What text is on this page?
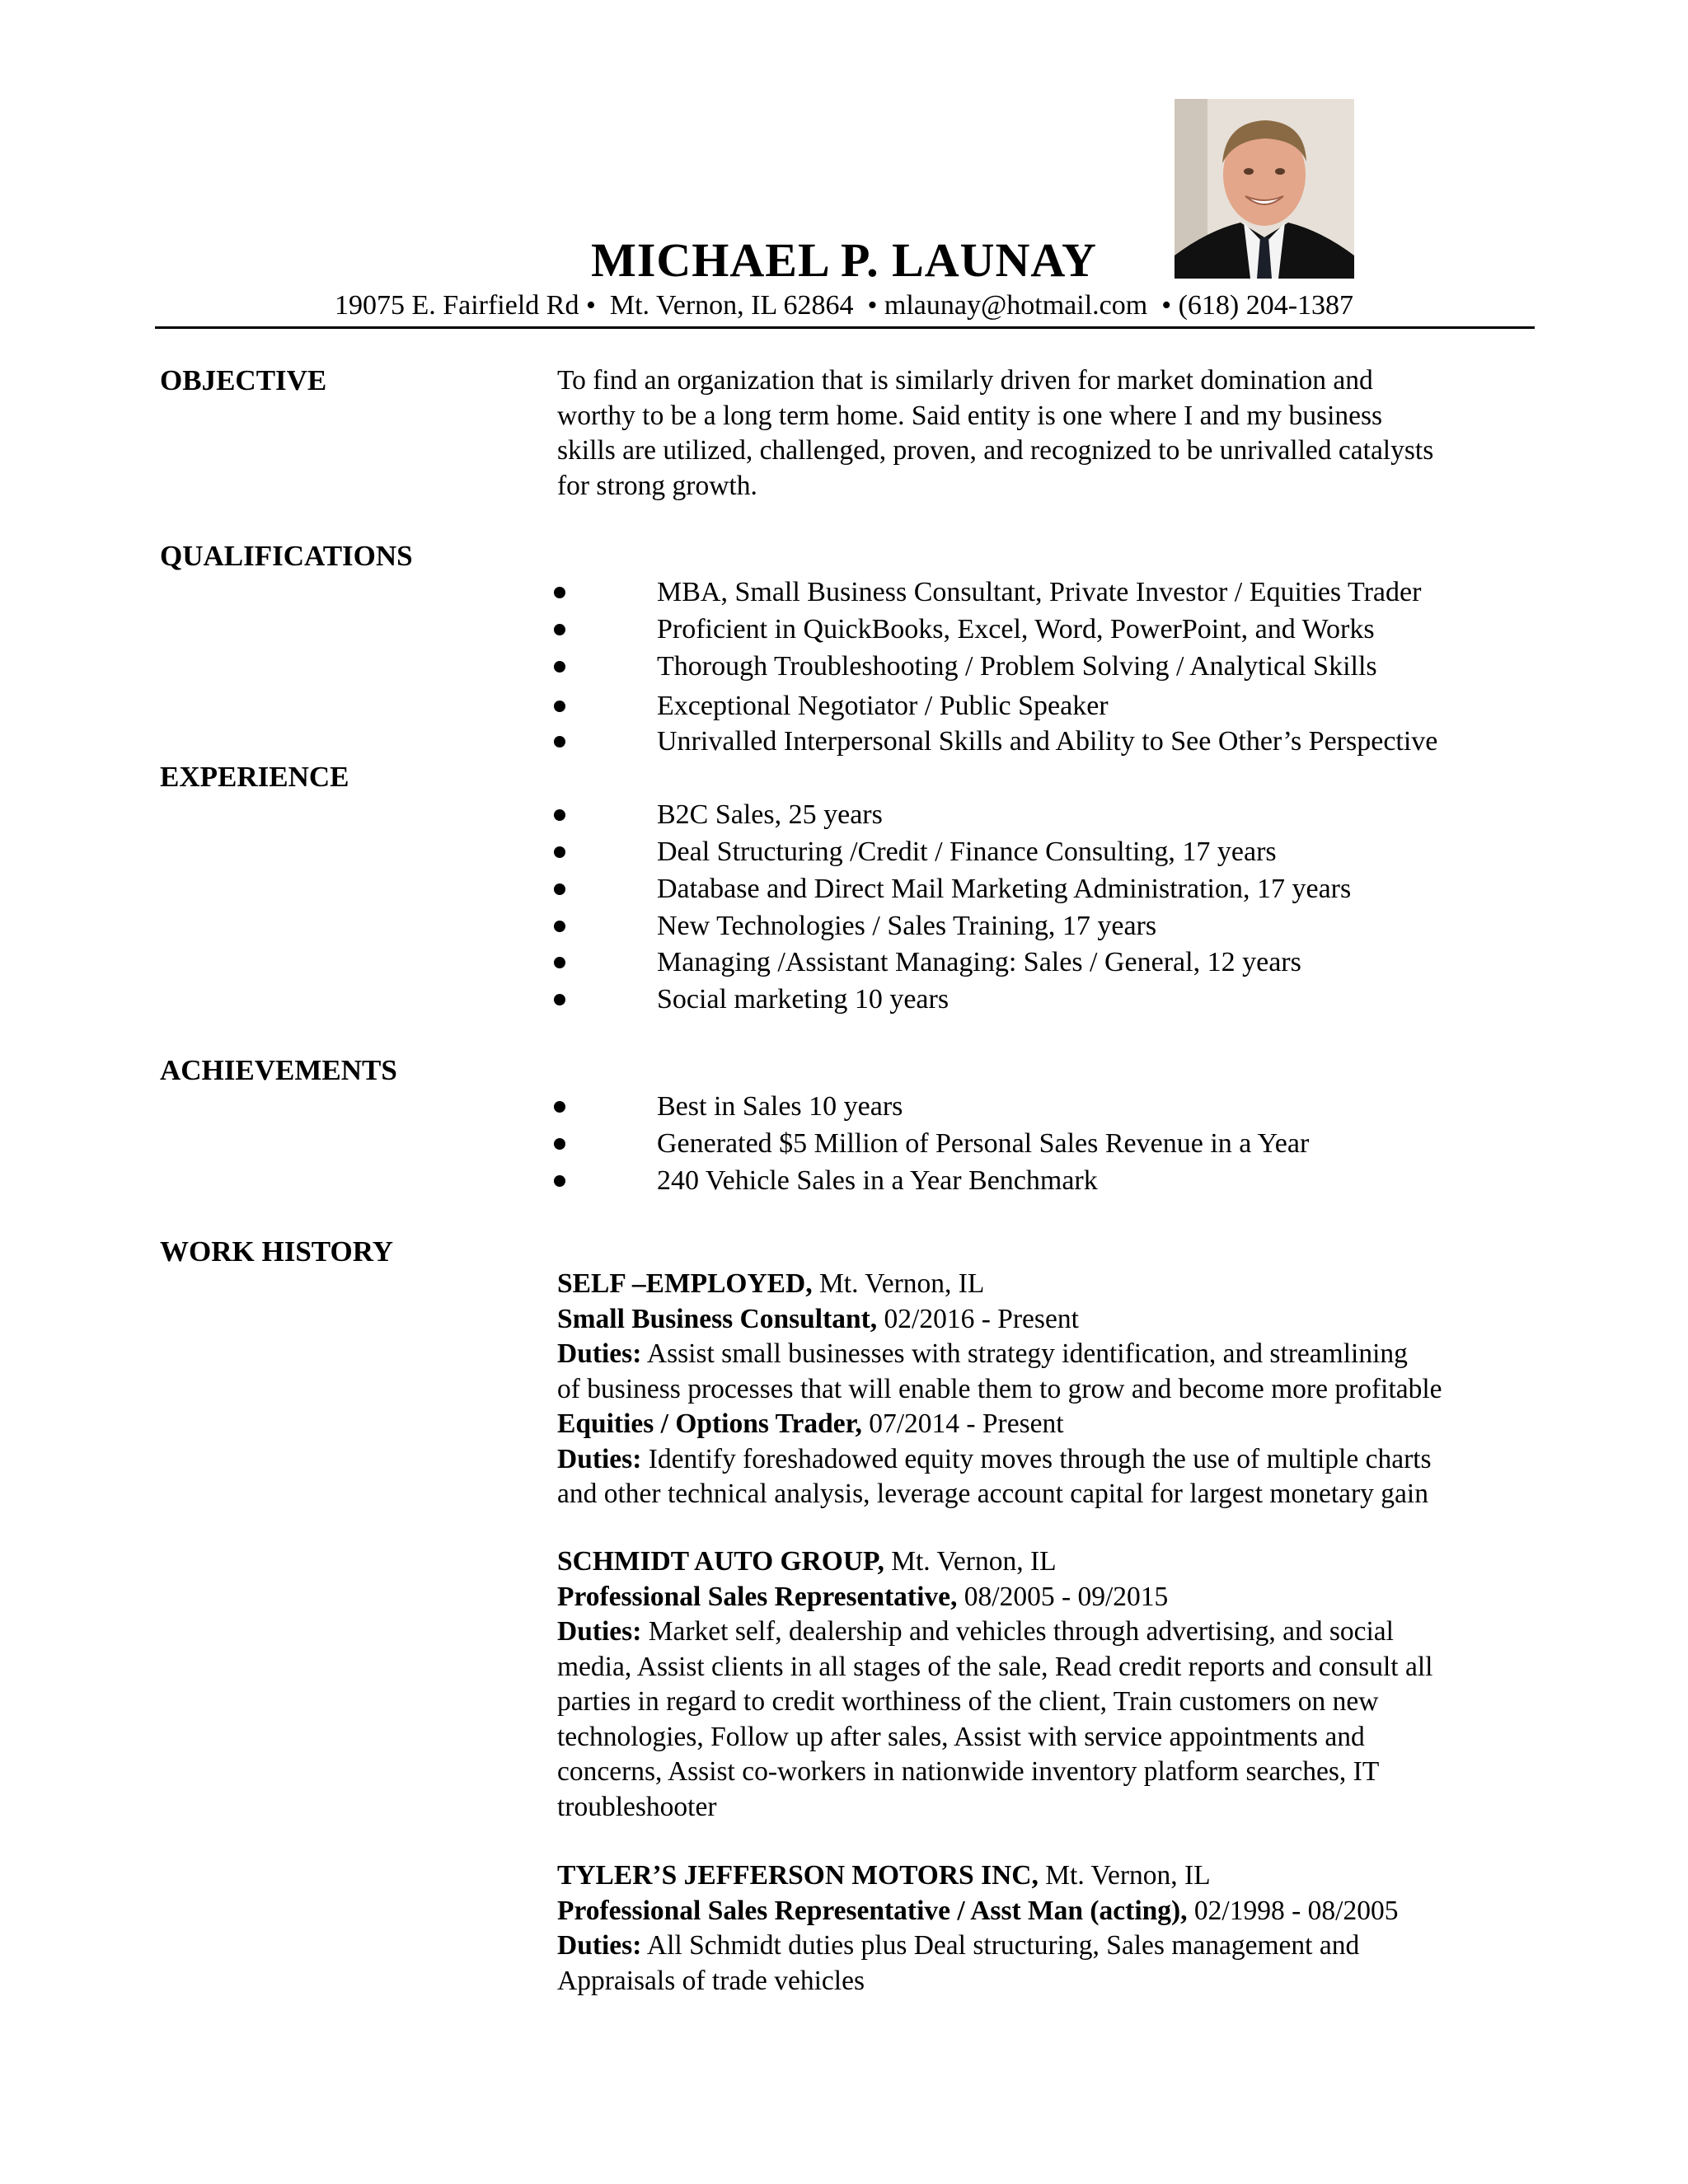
MICHAEL P. LAUNAY
19075 E. Fairfield Rd • Mt. Vernon, IL 62864 • mlaunay@hotmail.com • (618) 204-1387
OBJECTIVE	To find an organization that is similarly driven for market domination and

worthy to be a long term home. Said entity is one where I and my business

skills are utilized, challenged, proven, and recognized to be unrivalled catalysts

for strong growth.

QUALIFICATIONS
MBA, Small Business Consultant, Private Investor / Equities Trader
Proficient in QuickBooks, Excel, Word, PowerPoint, and Works
Thorough Troubleshooting / Problem Solving / Analytical Skills
Exceptional Negotiator / Public Speaker
Unrivalled Interpersonal Skills and Ability to See Other’s Perspective
EXPERIENCE
B2C Sales, 25 years
Deal Structuring /Credit / Finance Consulting, 17 years
Database and Direct Mail Marketing Administration, 17 years
New Technologies / Sales Training, 17 years
Managing /Assistant Managing: Sales / General, 12 years
Social marketing 10 years
ACHIEVEMENTS
Best in Sales 10 years
Generated $5 Million of Personal Sales Revenue in a Year
240 Vehicle Sales in a Year Benchmark
WORK HISTORY

SELF –EMPLOYED, Mt. Vernon, IL

Small Business Consultant, 02/2016 - Present

Duties: Assist small businesses with strategy identification, and streamlining

of business processes that will enable them to grow and become more profitable

Equities / Options Trader, 07/2014 - Present

Duties: Identify foreshadowed equity moves through the use of multiple charts

and other technical analysis, leverage account capital for largest monetary gain

SCHMIDT AUTO GROUP, Mt. Vernon, IL

Professional Sales Representative, 08/2005 - 09/2015

Duties: Market self, dealership and vehicles through advertising, and social

media, Assist clients in all stages of the sale, Read credit reports and consult all

parties in regard to credit worthiness of the client, Train customers on new

technologies, Follow up after sales, Assist with service appointments and

concerns, Assist co-workers in nationwide inventory platform searches, IT

troubleshooter

TYLER’S JEFFERSON MOTORS INC, Mt. Vernon, IL

Professional Sales Representative / Asst Man (acting), 02/1998 - 08/2005

Duties: All Schmidt duties plus Deal structuring, Sales management and

Appraisals of trade vehicles
